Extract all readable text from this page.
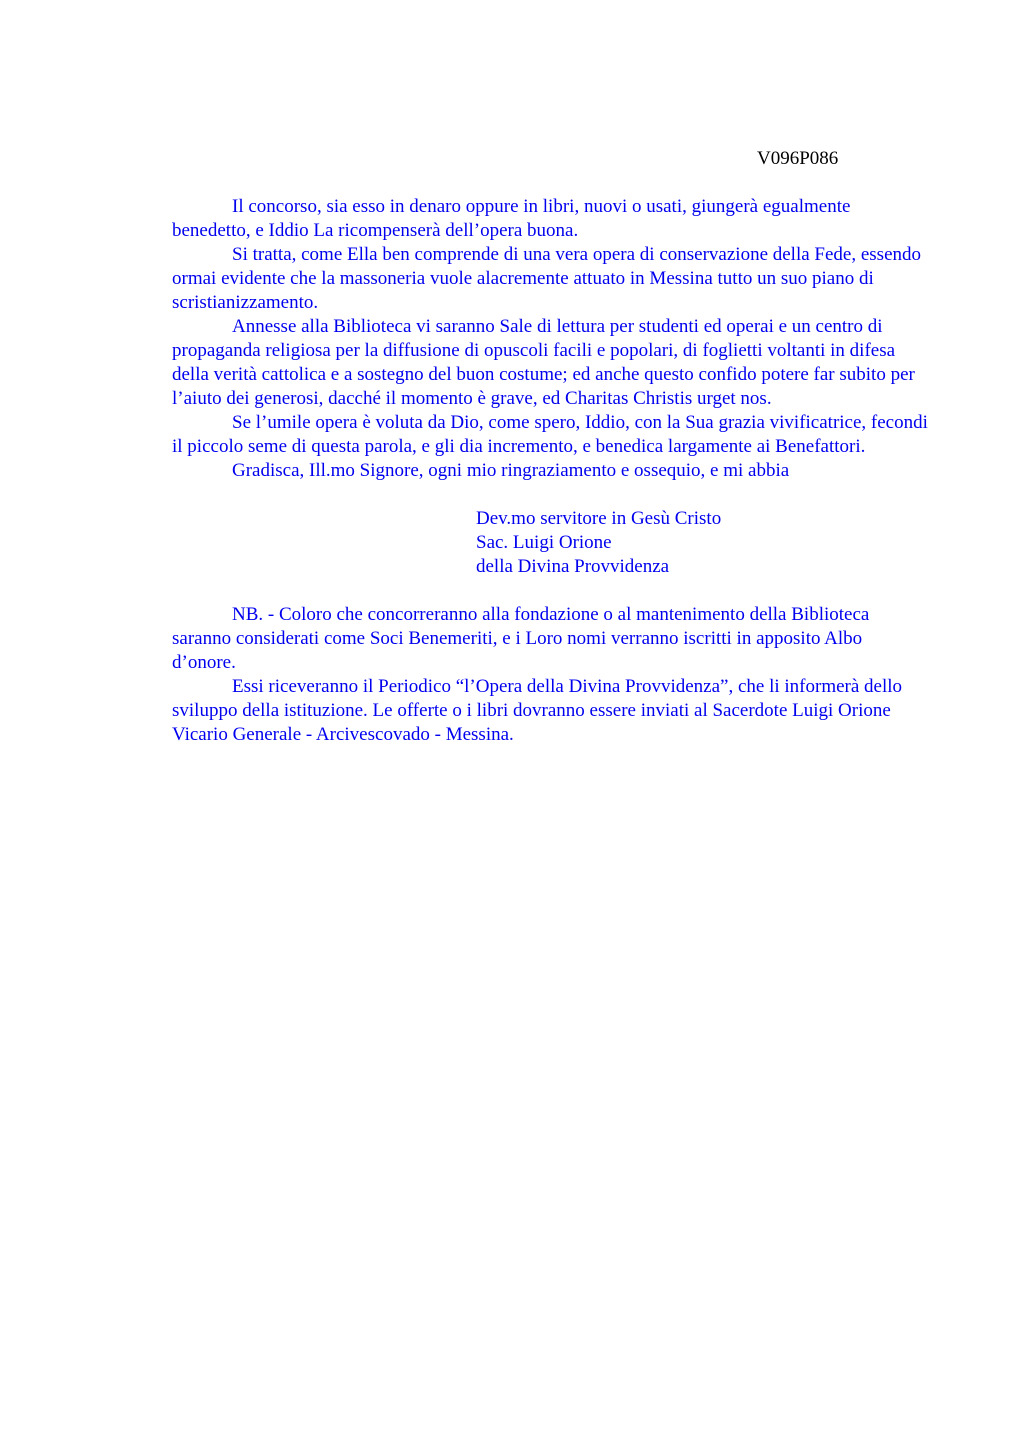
V096P086

Il concorso, sia esso in denaro oppure in libri, nuovi o usati, giungerà egualmente benedetto, e Iddio La ricompenserà dell’opera buona.

Si tratta, come Ella ben comprende di una vera opera di conservazione della Fede, essendo ormai evidente che la massoneria vuole alacremente attuato in Messina tutto un suo piano di scristianizzamento.

Annesse alla Biblioteca vi saranno Sale di lettura per studenti ed operai e un centro di propaganda religiosa per la diffusione di opuscoli facili e popolari, di foglietti voltanti in difesa della verità cattolica e a sostegno del buon costume; ed anche questo confido potere far subito per l’aiuto dei generosi, dacché il momento è grave, ed Charitas Christis urget nos.

Se l’umile opera è voluta da Dio, come spero, Iddio, con la Sua grazia vivificatrice, fecondi il piccolo seme di questa parola, e gli dia incremento, e benedica largamente ai Benefattori.

Gradisca, Ill.mo Signore, ogni mio ringraziamento e ossequio, e mi abbia

Dev.mo servitore in Gesù Cristo
Sac. Luigi Orione
della Divina Provvidenza

NB. - Coloro che concorreranno alla fondazione o al mantenimento della Biblioteca saranno considerati come Soci Benemeriti, e i Loro nomi verranno iscritti in apposito Albo d’onore.

Essi riceveranno il Periodico “l’Opera della Divina Provvidenza”, che li informerà dello sviluppo della istituzione. Le offerte o i libri dovranno essere inviati al Sacerdote Luigi Orione Vicario Generale - Arcivescovado - Messina.
